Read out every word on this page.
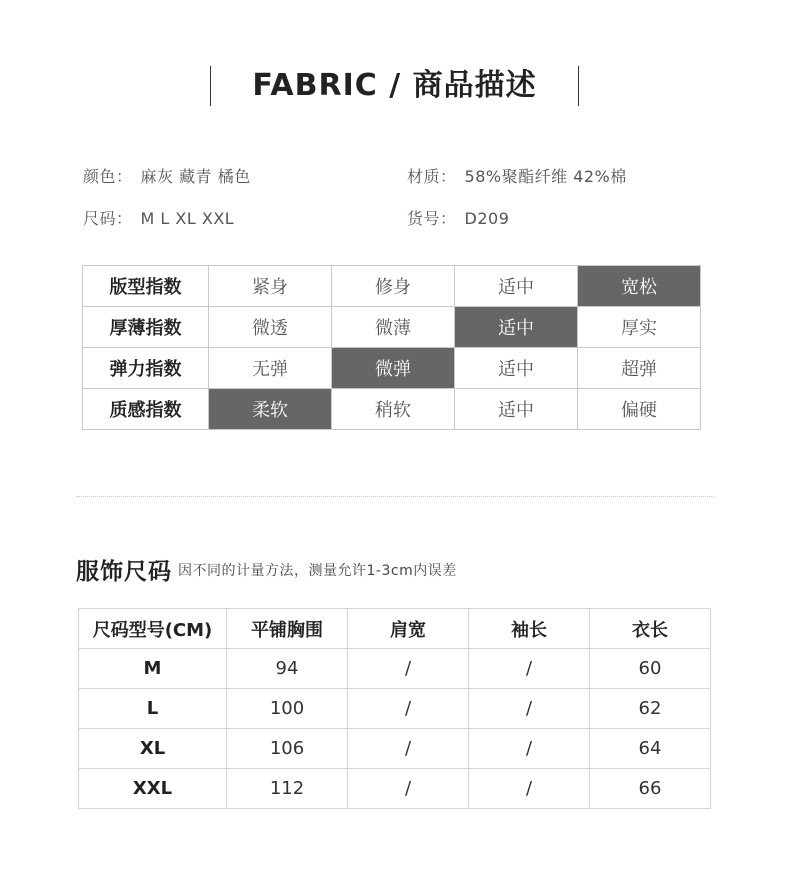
FABRIC / 商品描述
颜色： 麻灰 藏青 橘色	材质： 58%聚酯纤维 42%棉
尺码： M L XL XXL	货号： D209
版型指数	紧身	修身	适中	宽松
厚薄指数	微透	微薄	适中	厚实
弹力指数	无弹	微弹	适中	超弹
质感指数	柔软	稍软	适中	偏硬
服饰尺码 因不同的计量方法，测量允许1-3cm内误差
尺码型号(CM)	平铺胸围	肩宽	袖长	衣长
M	94	/	/	60
L	100	/	/	62
XL	106	/	/	64
XXL	112	/	/	66
